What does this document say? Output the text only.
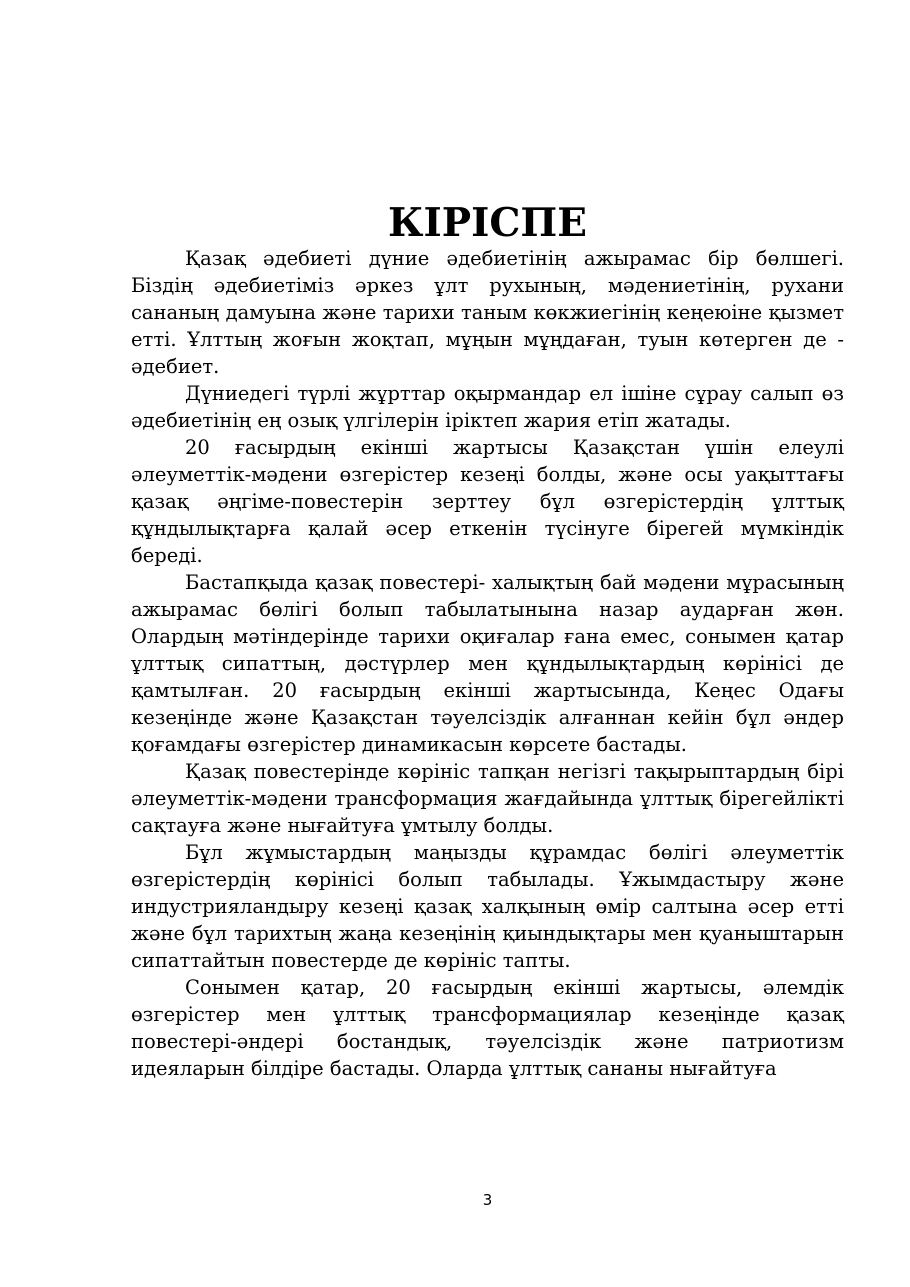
КІРІСПЕ

Қазақ әдебиеті дүние әдебиетінің ажырамас бір бөлшегі. Біздің әдебиетіміз әркез ұлт рухының, мәдениетінің, рухани сананың дамуына және тарихи таным көкжиегінің кеңеюіне қызмет етті. Ұлттың жоғын жоқтап, мұңын мұңдаған, туын көтерген де - әдебиет.

Дүниедегі түрлі жұрттар оқырмандар ел ішіне сұрау салып өз әдебиетінің ең озық үлгілерін іріктеп жария етіп жатады.

20 ғасырдың екінші жартысы Қазақстан үшін елеулі әлеуметтік-мәдени өзгерістер кезеңі болды, және осы уақыттағы қазақ әңгіме-повестерін зерттеу бұл өзгерістердің ұлттық құндылықтарға қалай әсер еткенін түсінуге бірегей мүмкіндік береді.

Бастапқыда қазақ повестері- халықтың бай мәдени мұрасының ажырамас бөлігі болып табылатынына назар аударған жөн. Олардың мәтіндерінде тарихи оқиғалар ғана емес, сонымен қатар ұлттық сипаттың, дәстүрлер мен құндылықтардың көрінісі де қамтылған. 20 ғасырдың екінші жартысында, Кеңес Одағы кезеңінде және Қазақстан тәуелсіздік алғаннан кейін бұл әндер қоғамдағы өзгерістер динамикасын көрсете бастады.

Қазақ повестерінде көрініс тапқан негізгі тақырыптардың бірі әлеуметтік-мәдени трансформация жағдайында ұлттық бірегейлікті сақтауға және нығайтуға ұмтылу болды.

Бұл жұмыстардың маңызды құрамдас бөлігі әлеуметтік өзгерістердің көрінісі болып табылады. Ұжымдастыру және индустрияландыру кезеңі қазақ халқының өмір салтына әсер етті және бұл тарихтың жаңа кезеңінің қиындықтары мен қуаныштарын сипаттайтын повестерде де көрініс тапты.

Сонымен қатар, 20 ғасырдың екінші жартысы, әлемдік өзгерістер мен ұлттық трансформациялар кезеңінде қазақ повестері-әндері бостандық, тәуелсіздік және патриотизм идеяларын білдіре бастады. Оларда ұлттық сананы нығайтуға

3
